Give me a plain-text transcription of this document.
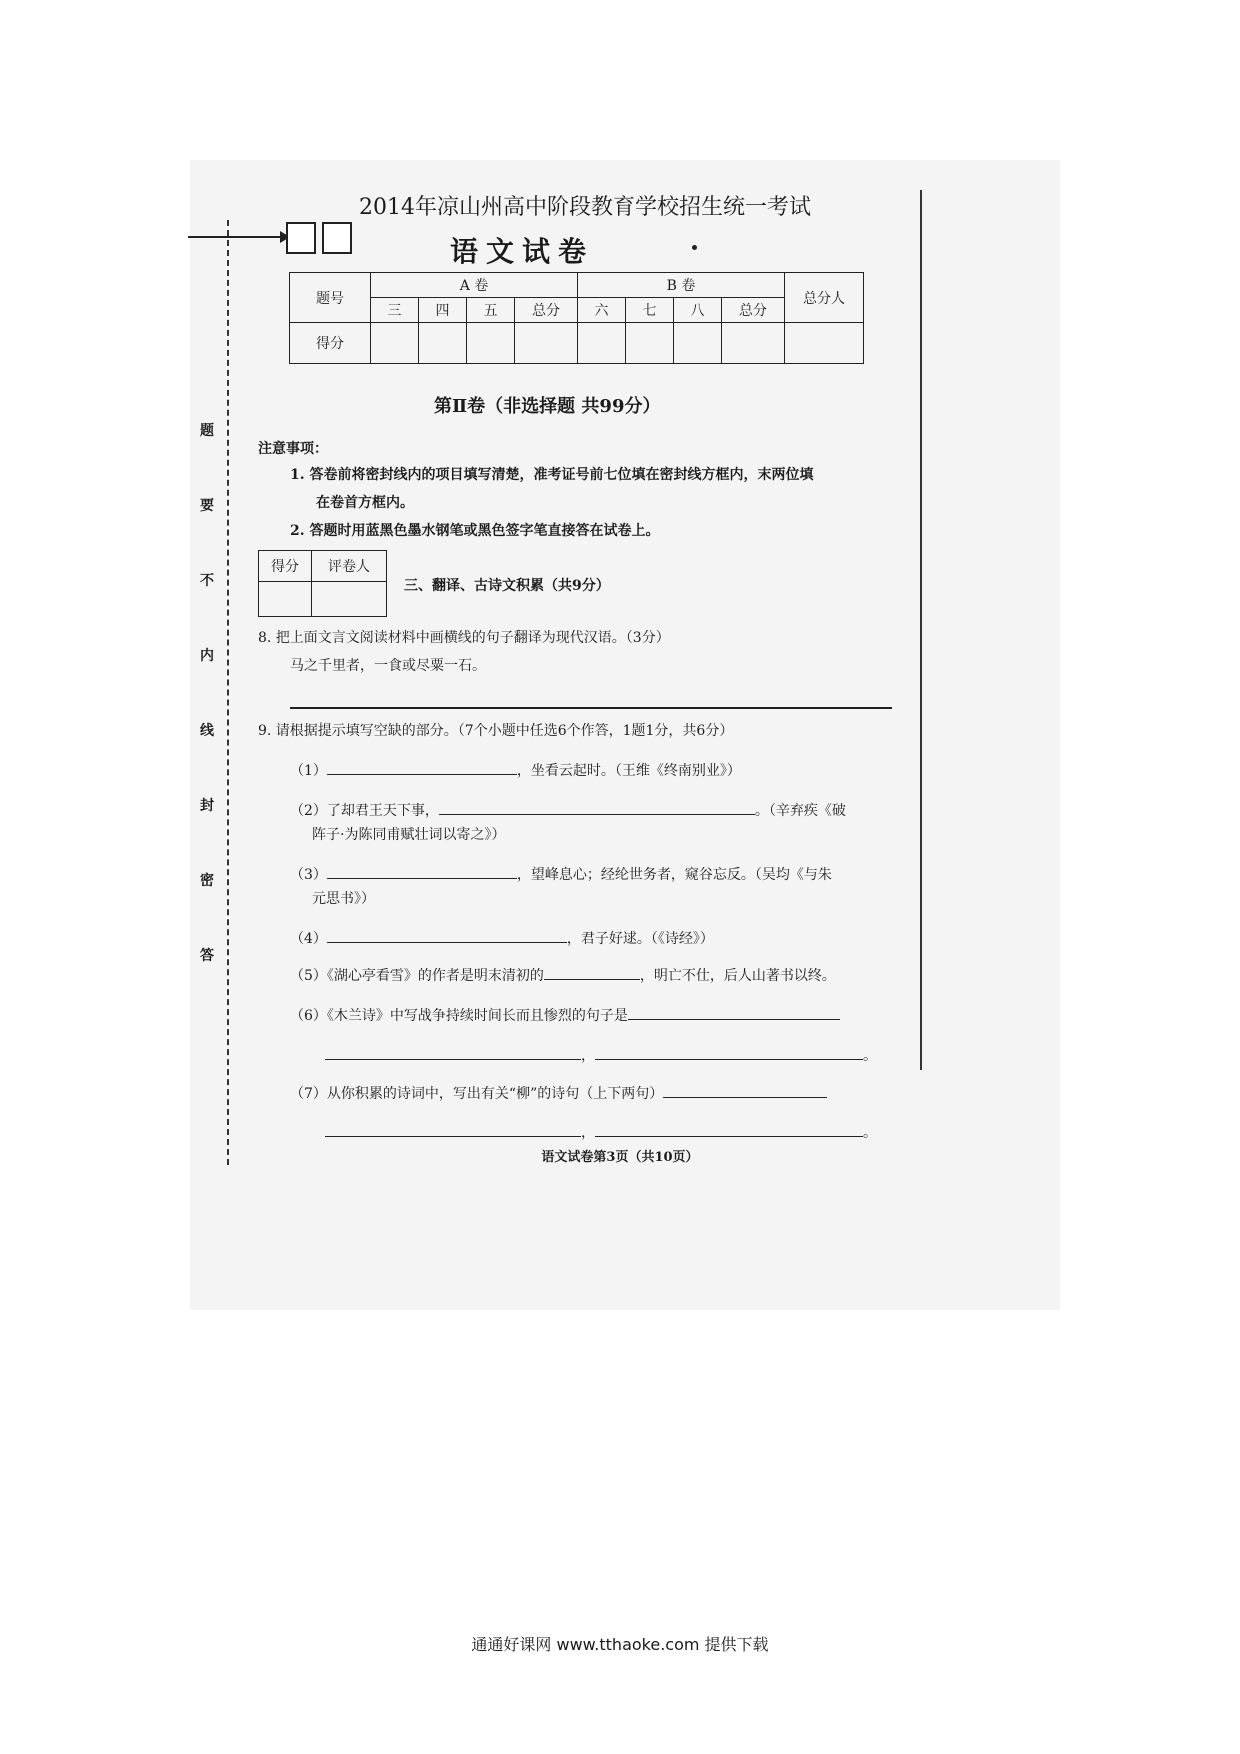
题
要
不
内
线
封
密
答
2014年凉山州高中阶段教育学校招生统一考试
语文试卷
题号	A 卷				B 卷				总分人
	三	四	五	总分	六	七	八	总分	
得分									
第Ⅱ卷（非选择题 共99分）
注意事项：
1. 答卷前将密封线内的项目填写清楚，准考证号前七位填在密封线方框内，末两位填
在卷首方框内。
2. 答题时用蓝黑色墨水钢笔或黑色签字笔直接答在试卷上。
得分	评卷人

三、翻译、古诗文积累（共9分）
8. 把上面文言文阅读材料中画横线的句子翻译为现代汉语。（3分）
马之千里者，一食或尽粟一石。
9. 请根据提示填写空缺的部分。（7个小题中任选6个作答，1题1分，共6分）
（1）	，坐看云起时。（王维《终南别业》）
（2）了却君王天下事，	。（辛弃疾《破
阵子·为陈同甫赋壮词以寄之》）
（3）	，望峰息心；经纶世务者，窥谷忘反。（吴均《与朱
元思书》）
（4）	，君子好逑。（《诗经》）
（5）《湖心亭看雪》的作者是明末清初的	，明亡不仕，后人山著书以终。
（6）《木兰诗》中写战争持续时间长而且惨烈的句子是
，	。
（7）从你积累的诗词中，写出有关“柳”的诗句（上下两句）
，	。
语文试卷第3页（共10页）
通通好课网 www.tthaoke.com 提供下载
